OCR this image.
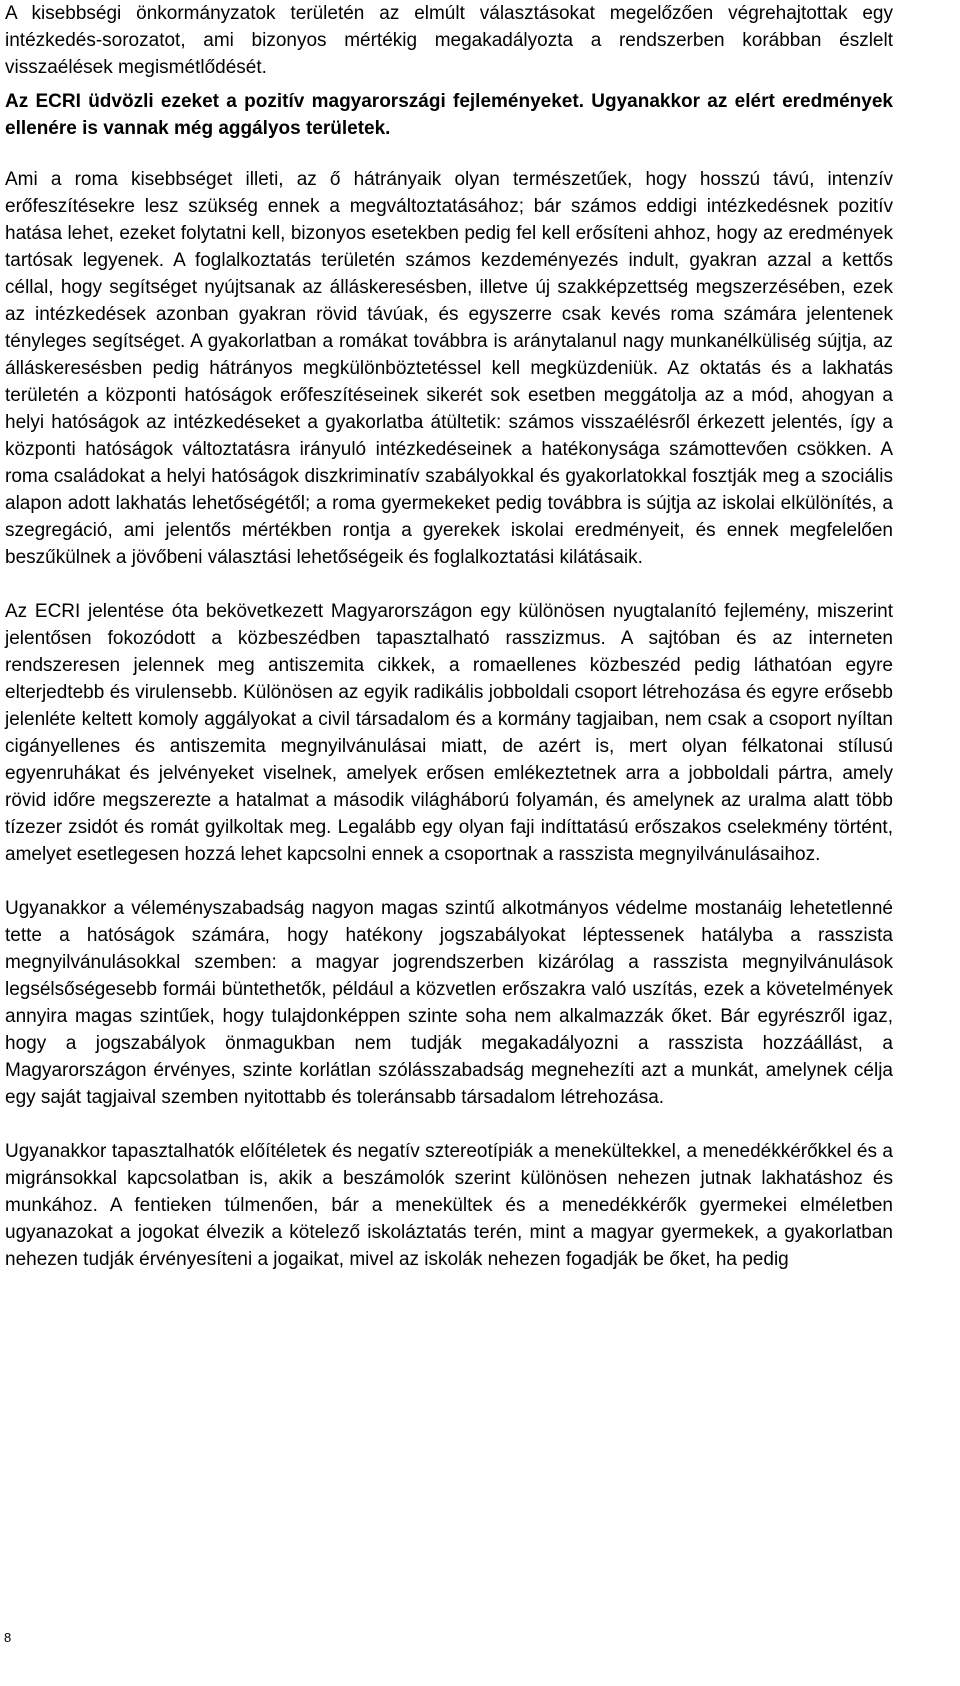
A kisebbségi önkormányzatok területén az elmúlt választásokat megelőzően végrehajtottak egy intézkedés-sorozatot, ami bizonyos mértékig megakadályozta a rendszerben korábban észlelt visszaélések megismétlődését.

Az ECRI üdvözli ezeket a pozitív magyarországi fejleményeket. Ugyanakkor az elért eredmények ellenére is vannak még aggályos területek.

Ami a roma kisebbséget illeti, az ő hátrányaik olyan természetűek, hogy hosszú távú, intenzív erőfeszítésekre lesz szükség ennek a megváltoztatásához; bár számos eddigi intézkedésnek pozitív hatása lehet, ezeket folytatni kell, bizonyos esetekben pedig fel kell erősíteni ahhoz, hogy az eredmények tartósak legyenek. A foglalkoztatás területén számos kezdeményezés indult, gyakran azzal a kettős céllal, hogy segítséget nyújtsanak az álláskeresésben, illetve új szakképzettség megszerzésében, ezek az intézkedések azonban gyakran rövid távúak, és egyszerre csak kevés roma számára jelentenek tényleges segítséget. A gyakorlatban a romákat továbbra is aránytalanul nagy munkanélküliség sújtja, az álláskeresésben pedig hátrányos megkülönböztetéssel kell megküzdeniük. Az oktatás és a lakhatás területén a központi hatóságok erőfeszítéseinek sikerét sok esetben meggátolja az a mód, ahogyan a helyi hatóságok az intézkedéseket a gyakorlatba átültetik: számos visszaélésről érkezett jelentés, így a központi hatóságok változtatásra irányuló intézkedéseinek a hatékonysága számottevően csökken. A roma családokat a helyi hatóságok diszkriminatív szabályokkal és gyakorlatokkal fosztják meg a szociális alapon adott lakhatás lehetőségétől; a roma gyermekeket pedig továbbra is sújtja az iskolai elkülönítés, a szegregáció, ami jelentős mértékben rontja a gyerekek iskolai eredményeit, és ennek megfelelően beszűkülnek a jövőbeni választási lehetőségeik és foglalkoztatási kilátásaik.

Az ECRI jelentése óta bekövetkezett Magyarországon egy különösen nyugtalanító fejlemény, miszerint jelentősen fokozódott a közbeszédben tapasztalható rasszizmus. A sajtóban és az interneten rendszeresen jelennek meg antiszemita cikkek, a romaellenes közbeszéd pedig láthatóan egyre elterjedtebb és virulensebb. Különösen az egyik radikális jobboldali csoport létrehozása és egyre erősebb jelenléte keltett komoly aggályokat a civil társadalom és a kormány tagjaiban, nem csak a csoport nyíltan cigányellenes és antiszemita megnyilvánulásai miatt, de azért is, mert olyan félkatonai stílusú egyenruhákat és jelvényeket viselnek, amelyek erősen emlékeztetnek arra a jobboldali pártra, amely rövid időre megszerezte a hatalmat a második világháború folyamán, és amelynek az uralma alatt több tízezer zsidót és romát gyilkoltak meg. Legalább egy olyan faji indíttatású erőszakos cselekmény történt, amelyet esetlegesen hozzá lehet kapcsolni ennek a csoportnak a rasszista megnyilvánulásaihoz.

Ugyanakkor a véleményszabadság nagyon magas szintű alkotmányos védelme mostanáig lehetetlenné tette a hatóságok számára, hogy hatékony jogszabályokat léptessenek hatályba a rasszista megnyilvánulásokkal szemben: a magyar jogrendszerben kizárólag a rasszista megnyilvánulások legsélsőségesebb formái büntethetők, például a közvetlen erőszakra való uszítás, ezek a követelmények annyira magas szintűek, hogy tulajdonképpen szinte soha nem alkalmazzák őket. Bár egyrészről igaz, hogy a jogszabályok önmagukban nem tudják megakadályozni a rasszista hozzáállást, a Magyarországon érvényes, szinte korlátlan szólásszabadság megnehezíti azt a munkát, amelynek célja egy saját tagjaival szemben nyitottabb és toleránsabb társadalom létrehozása.

Ugyanakkor tapasztalhatók előítéletek és negatív sztereotípiák a menekültekkel, a menedékkérőkkel és a migránsokkal kapcsolatban is, akik a beszámolók szerint különösen nehezen jutnak lakhatáshoz és munkához. A fentieken túlmenően, bár a menekültek és a menedékkérők gyermekei elméletben ugyanazokat a jogokat élvezik a kötelező iskoláztatás terén, mint a magyar gyermekek, a gyakorlatban nehezen tudják érvényesíteni a jogaikat, mivel az iskolák nehezen fogadják be őket, ha pedig

8
